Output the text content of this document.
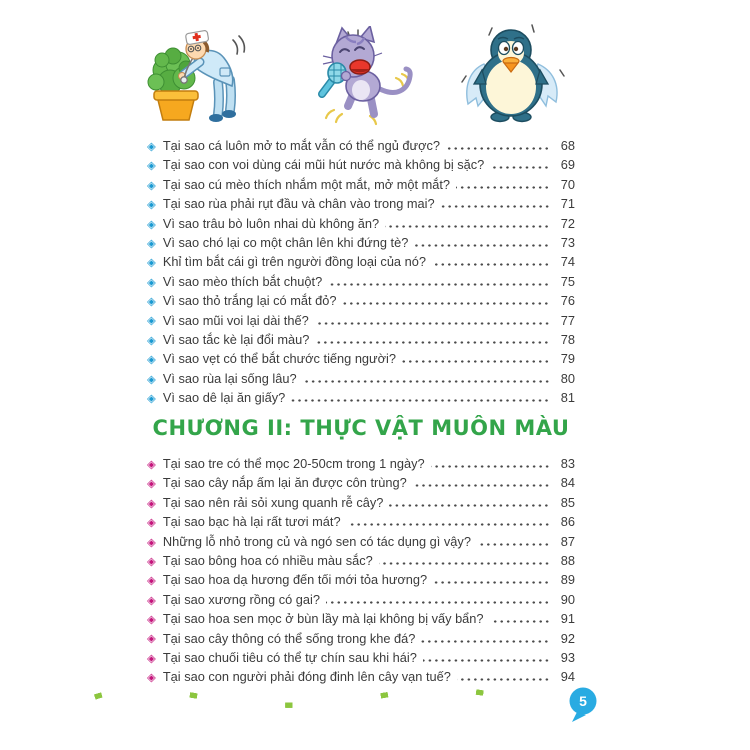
◈ Tại sao cá luôn mở to mắt vẫn có thể ngủ được?	68
◈ Tại sao con voi dùng cái mũi hút nước mà không bị sặc?	69
◈ Tại sao cú mèo thích nhắm một mắt, mở một mắt?	70
◈ Tại sao rùa phải rụt đầu và chân vào trong mai?	71
◈ Vì sao trâu bò luôn nhai dù không ăn?	72
◈ Vì sao chó lại co một chân lên khi đứng tè?	73
◈ Khỉ tìm bắt cái gì trên người đồng loại của nó?	74
◈ Vì sao mèo thích bắt chuột?	75
◈ Vì sao thỏ trắng lại có mắt đỏ?	76
◈ Vì sao mũi voi lại dài thế?	77
◈ Vì sao tắc kè lại đổi màu?	78
◈ Vì sao vẹt có thể bắt chước tiếng người?	79
◈ Vì sao rùa lại sống lâu?	80
◈ Vì sao dê lại ăn giấy?	81
CHƯƠNG II: THỰC VẬT MUÔN MÀU
◈ Tại sao tre có thể mọc 20-50cm trong 1 ngày?	83
◈ Tại sao cây nắp ấm lại ăn được côn trùng?	84
◈ Tại sao nên rải sỏi xung quanh rễ cây?	85
◈ Tại sao bạc hà lại rất tươi mát?	86
◈ Những lỗ nhỏ trong củ và ngó sen có tác dụng gì vậy?	87
◈ Tại sao bông hoa có nhiều màu sắc?	88
◈ Tại sao hoa dạ hương đến tối mới tỏa hương?	89
◈ Tại sao xương rồng có gai?	90
◈ Tại sao hoa sen mọc ở bùn lầy mà lại không bị vấy bẩn?	91
◈ Tại sao cây thông có thể sống trong khe đá?	92
◈ Tại sao chuối tiêu có thể tự chín sau khi hái?	93
◈ Tại sao con người phải đóng đinh lên cây vạn tuế?	94
5
